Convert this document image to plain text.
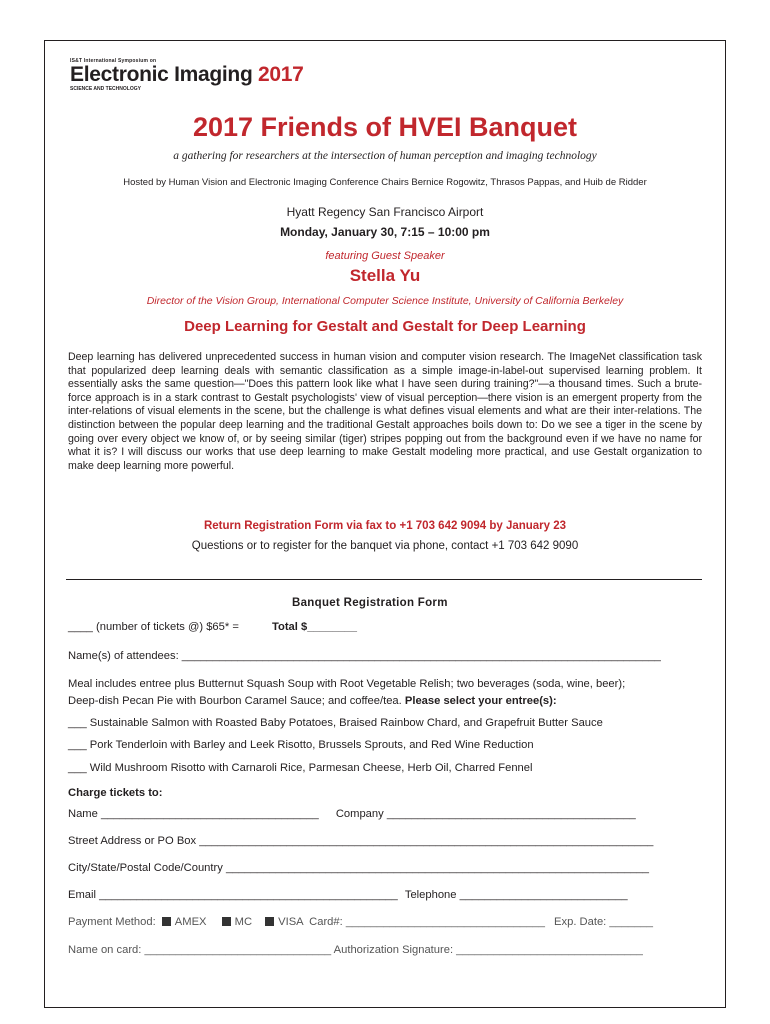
IS&T International Symposium on
Electronic Imaging 2017
SCIENCE AND TECHNOLOGY
2017 Friends of HVEI Banquet
a gathering for researchers at the intersection of human perception and imaging technology
Hosted by Human Vision and Electronic Imaging Conference Chairs Bernice Rogowitz, Thrasos Pappas, and Huib de Ridder
Hyatt Regency San Francisco Airport
Monday, January 30, 7:15 – 10:00 pm
featuring Guest Speaker
Stella Yu
Director of the Vision Group, International Computer Science Institute, University of California Berkeley
Deep Learning for Gestalt and Gestalt for Deep Learning
Deep learning has delivered unprecedented success in human vision and computer vision research. The ImageNet classification task that popularized deep learning deals with semantic classification as a simple image-in-label-out supervised learning problem. It essentially asks the same question—"Does this pattern look like what I have seen during training?"—a thousand times. Such a brute-force approach is in a stark contrast to Gestalt psychologists' view of visual perception—there vision is an emergent property from the inter-relations of visual elements in the scene, but the challenge is what defines visual elements and what are their inter-relations. The distinction between the popular deep learning and the traditional Gestalt approaches boils down to: Do we see a tiger in the scene by going over every object we know of, or by seeing similar (tiger) stripes popping out from the background even if we have no name for what it is? I will discuss our works that use deep learning to make Gestalt modeling more practical, and use Gestalt organization to make deep learning more powerful.
Return Registration Form via fax to +1 703 642 9094 by January 23
Questions or to register for the banquet via phone, contact +1 703 642 9090
Banquet Registration Form
____ (number of tickets @) $65* =	Total $________
Name(s) of attendees: _____________________________________________________________________________
Meal includes entree plus Butternut Squash Soup with Root Vegetable Relish; two beverages (soda, wine, beer);
Deep-dish Pecan Pie with Bourbon Caramel Sauce; and coffee/tea. Please select your entree(s):
___ Sustainable Salmon with Roasted Baby Potatoes, Braised Rainbow Chard, and Grapefruit Butter Sauce
___ Pork Tenderloin with Barley and Leek Risotto, Brussels Sprouts, and Red Wine Reduction
___ Wild Mushroom Risotto with Carnaroli Rice, Parmesan Cheese, Herb Oil, Charred Fennel
Charge tickets to:
Name ___________________________________ Company ________________________________________
Street Address or PO Box _________________________________________________________________________
City/State/Postal Code/Country ____________________________________________________________________
Email ________________________________________________ Telephone ___________________________
Payment Method: AMEX	MC VISA Card#: ________________________________ Exp. Date: _______
Name on card: ______________________________ Authorization Signature: ______________________________
